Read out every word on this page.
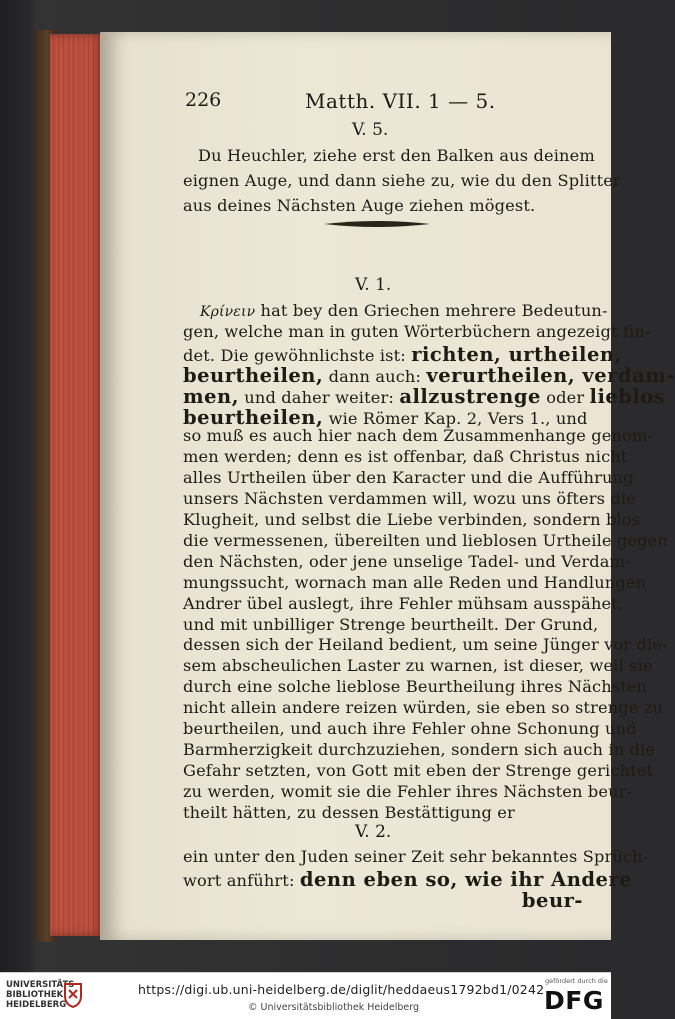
226	Matth. VII. 1 — 5.
V. 5.
Du Heuchler, ziehe erst den Balken aus deinem
eignen Auge, und dann siehe zu, wie du den Splitter
aus deines Nächsten Auge ziehen mögest.
V. 1.
Κρίνειν hat bey den Griechen mehrere Bedeutun-
gen, welche man in guten Wörterbüchern angezeigt fin-
det. Die gewöhnlichste ist: richten, urtheilen,
beurtheilen, dann auch: verurtheilen, verdam-
men, und daher weiter: allzustrenge oder lieblos
beurtheilen, wie Römer Kap. 2, Vers 1., und
so muß es auch hier nach dem Zusammenhange genom-
men werden; denn es ist offenbar, daß Christus nicht
alles Urtheilen über den Karacter und die Aufführung
unsers Nächsten verdammen will, wozu uns öfters die
Klugheit, und selbst die Liebe verbinden, sondern blos
die vermessenen, übereilten und lieblosen Urtheile gegen
den Nächsten, oder jene unselige Tadel- und Verdam-
mungssucht, wornach man alle Reden und Handlungen
Andrer übel auslegt, ihre Fehler mühsam ausspähet,
und mit unbilliger Strenge beurtheilt. Der Grund,
dessen sich der Heiland bedient, um seine Jünger vor die-
sem abscheulichen Laster zu warnen, ist dieser, weil sie
durch eine solche lieblose Beurtheilung ihres Nächsten
nicht allein andere reizen würden, sie eben so strenge zu
beurtheilen, und auch ihre Fehler ohne Schonung und
Barmherzigkeit durchzuziehen, sondern sich auch in die
Gefahr setzten, von Gott mit eben der Strenge gerichtet
zu werden, womit sie die Fehler ihres Nächsten beur-
theilt hätten, zu dessen Bestättigung er
V. 2.
ein unter den Juden seiner Zeit sehr bekanntes Sprüch-
wort anführt: denn eben so, wie ihr Andere
beur-
UNIVERSITÄTS-
BIBLIOTHEK
HEIDELBERG
https://digi.ub.uni-heidelberg.de/diglit/heddaeus1792bd1/0242
© Universitätsbibliothek Heidelberg
gefördert durch die
DFG
